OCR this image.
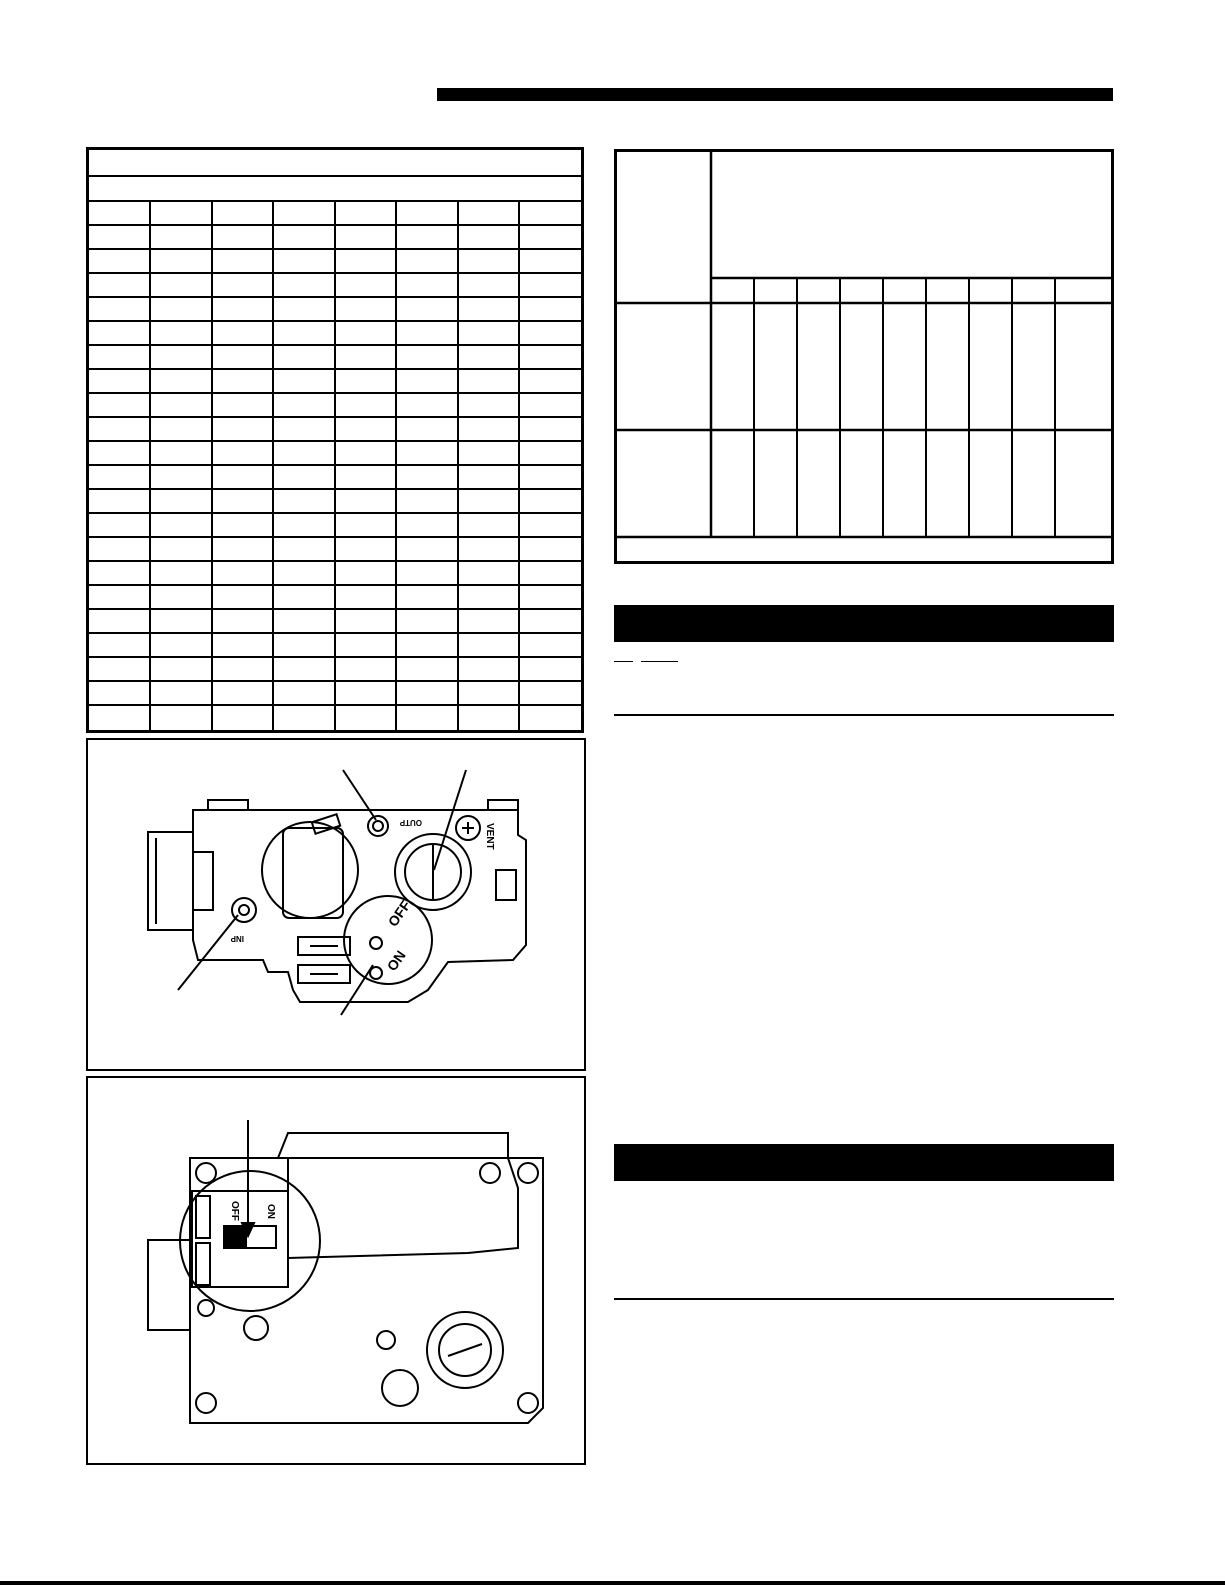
OUTP
VENT
INP
OFF
ON
OFF	ON
